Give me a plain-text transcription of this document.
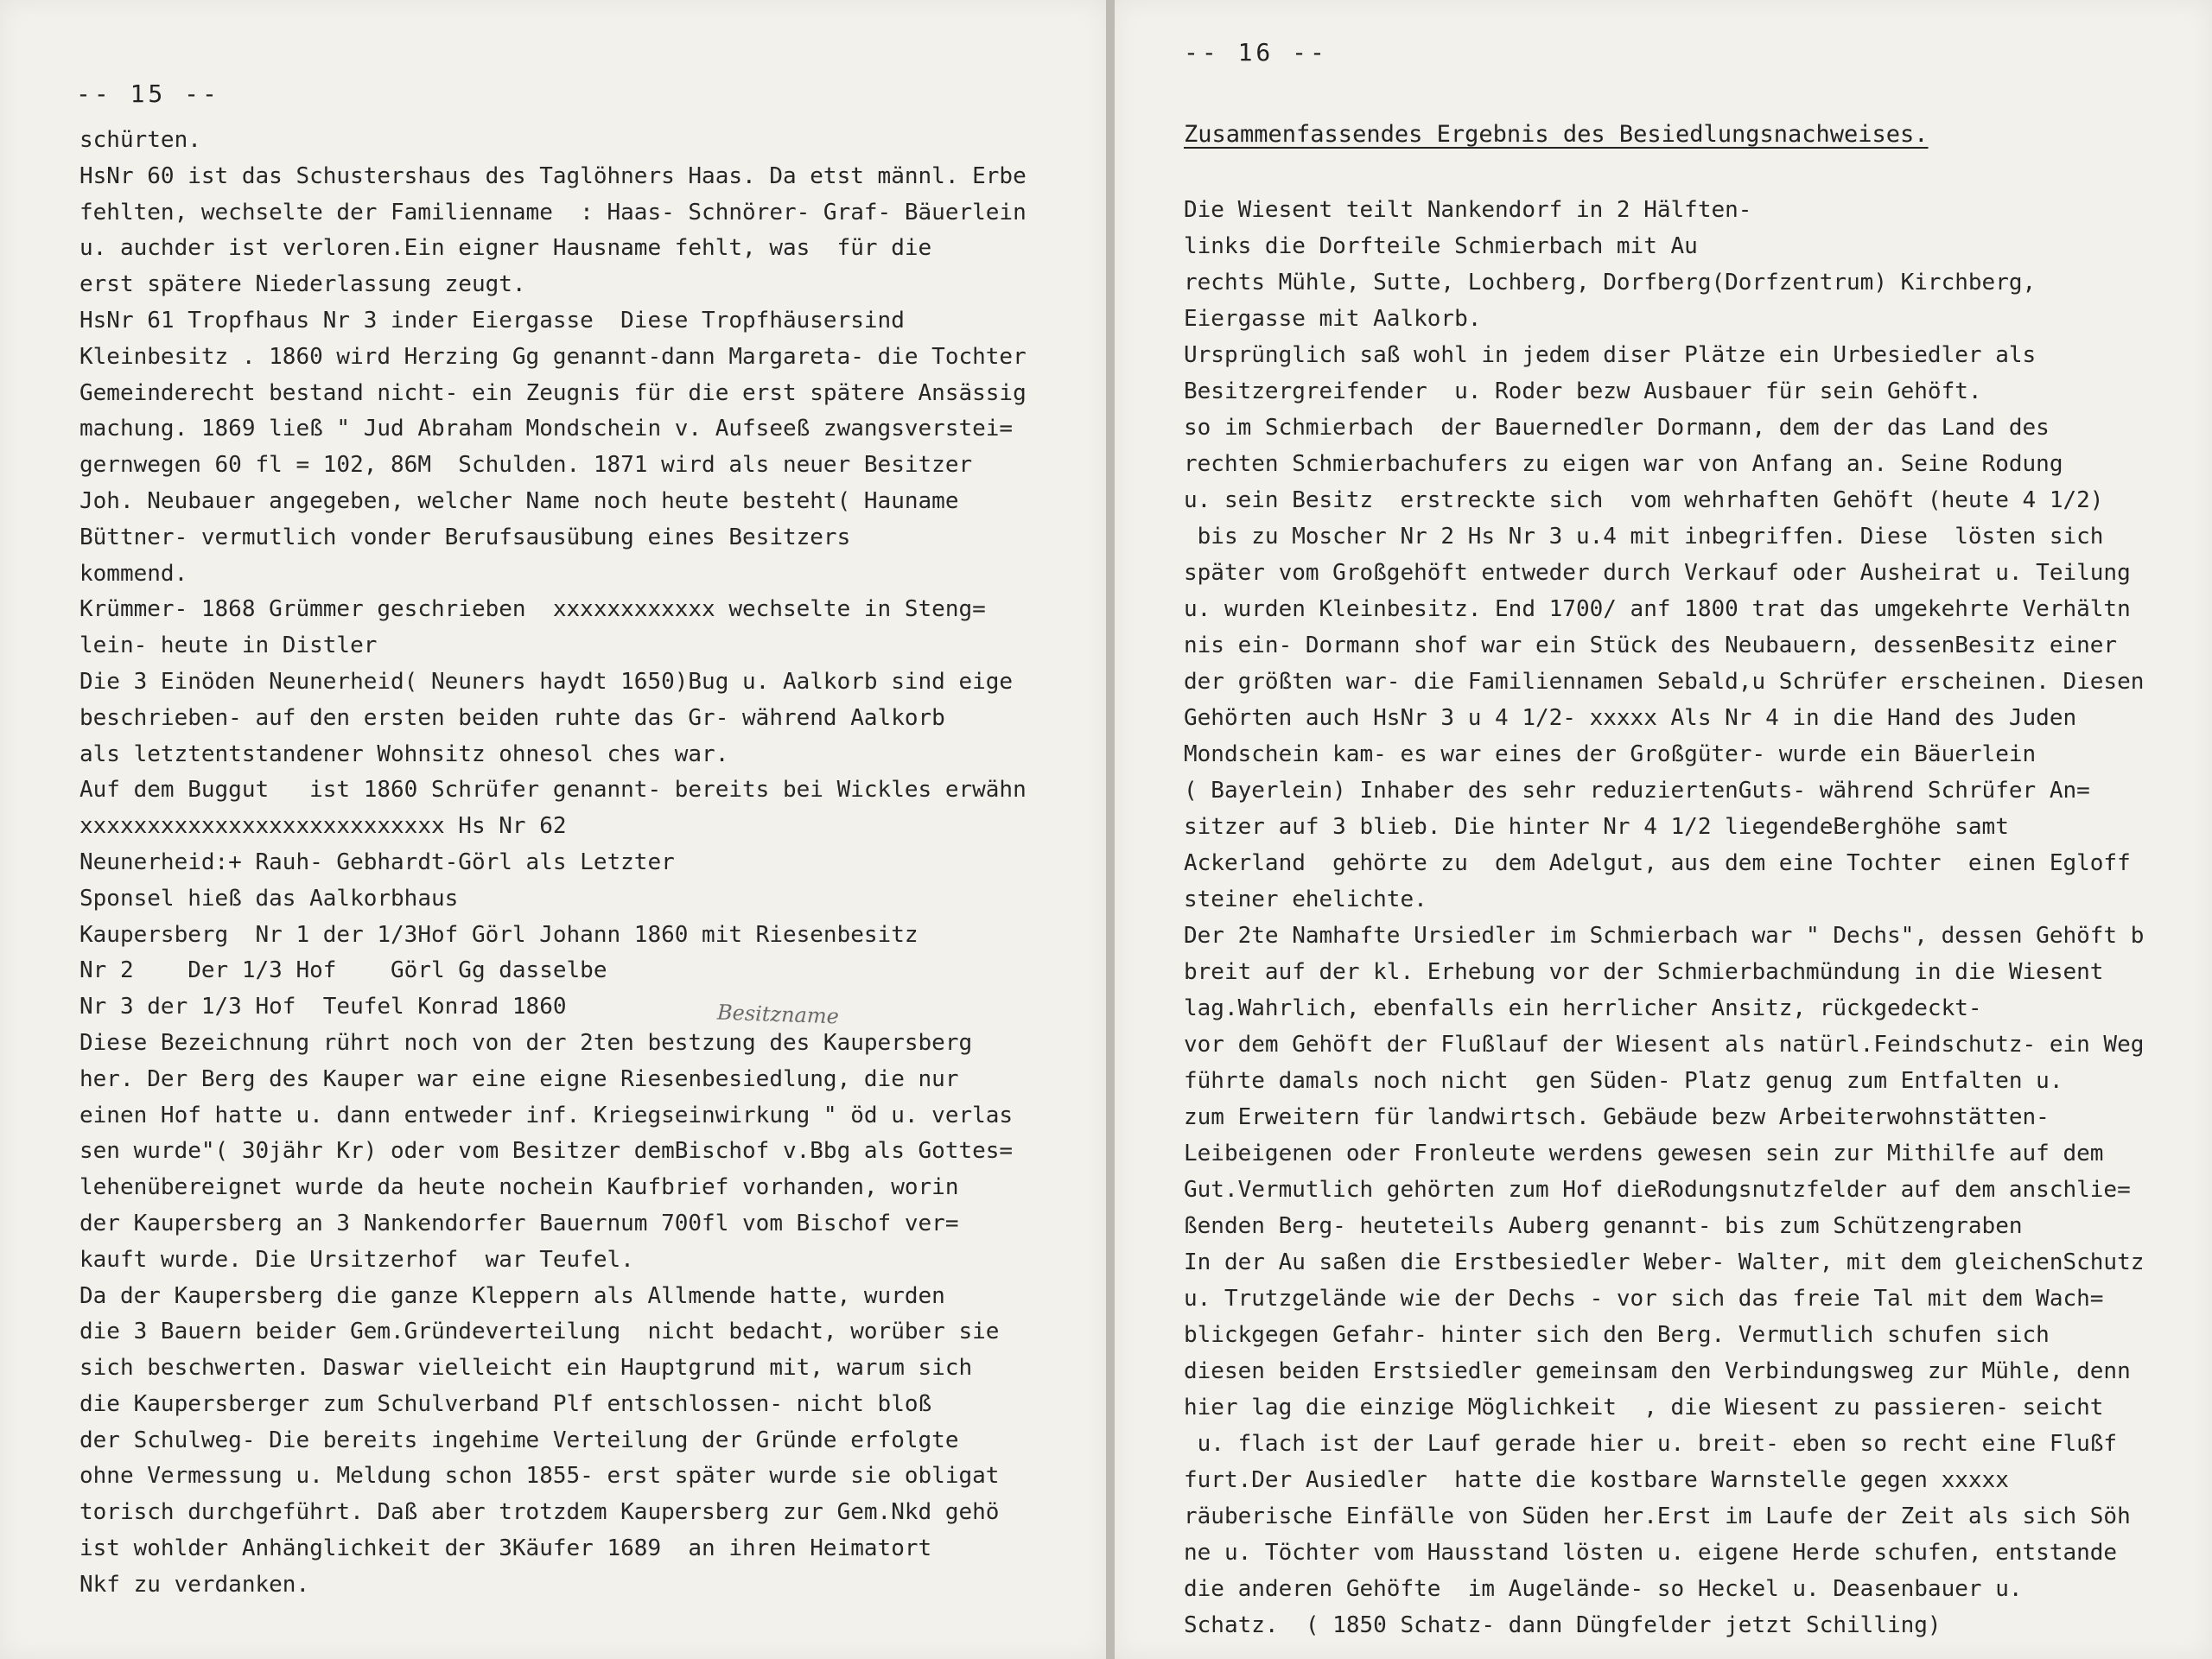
-- 15 --
schürten.
HsNr 60 ist das Schustershaus des Taglöhners Haas. Da etst männl. Erbe
fehlten, wechselte der Familienname  : Haas- Schnörer- Graf- Bäuerlein
u. auchder ist verloren.Ein eigner Hausname fehlt, was  für die
erst spätere Niederlassung zeugt.
HsNr 61 Tropfhaus Nr 3 inder Eiergasse  Diese Tropfhäusersind
Kleinbesitz . 1860 wird Herzing Gg genannt-dann Margareta- die Tochter
Gemeinderecht bestand nicht- ein Zeugnis für die erst spätere Ansässig
machung. 1869 ließ " Jud Abraham Mondschein v. Aufseeß zwangsverstei=
gernwegen 60 fl = 102, 86M  Schulden. 1871 wird als neuer Besitzer
Joh. Neubauer angegeben, welcher Name noch heute besteht( Hauname
Büttner- vermutlich vonder Berufsausübung eines Besitzers
kommend.
Krümmer- 1868 Grümmer geschrieben  xxxxxxxxxxxx wechselte in Steng=
lein- heute in Distler
Die 3 Einöden Neunerheid( Neuners haydt 1650)Bug u. Aalkorb sind eige
beschrieben- auf den ersten beiden ruhte das Gr- während Aalkorb
als letztentstandener Wohnsitz ohnesol ches war.
Auf dem Buggut   ist 1860 Schrüfer genannt- bereits bei Wickles erwähn
xxxxxxxxxxxxxxxxxxxxxxxxxxx Hs Nr 62
Neunerheid:+ Rauh- Gebhardt-Görl als Letzter
Sponsel hieß das Aalkorbhaus
Kaupersberg  Nr 1 der 1/3Hof Görl Johann 1860 mit Riesenbesitz
Nr 2    Der 1/3 Hof    Görl Gg dasselbe
Nr 3 der 1/3 Hof  Teufel Konrad 1860
Diese Bezeichnung rührt noch von der 2ten bestzung des Kaupersberg
her. Der Berg des Kauper war eine eigne Riesenbesiedlung, die nur
einen Hof hatte u. dann entweder inf. Kriegseinwirkung " öd u. verlas
sen wurde"( 30jähr Kr) oder vom Besitzer demBischof v.Bbg als Gottes=
lehenübereignet wurde da heute nochein Kaufbrief vorhanden, worin
der Kaupersberg an 3 Nankendorfer Bauernum 700fl vom Bischof ver=
kauft wurde. Die Ursitzerhof  war Teufel.
Da der Kaupersberg die ganze Kleppern als Allmende hatte, wurden
die 3 Bauern beider Gem.Gründeverteilung  nicht bedacht, worüber sie
sich beschwerten. Daswar vielleicht ein Hauptgrund mit, warum sich
die Kaupersberger zum Schulverband Plf entschlossen- nicht bloß
der Schulweg- Die bereits ingehime Verteilung der Gründe erfolgte
ohne Vermessung u. Meldung schon 1855- erst später wurde sie obligat
torisch durchgeführt. Daß aber trotzdem Kaupersberg zur Gem.Nkd gehö
ist wohlder Anhänglichkeit der 3Käufer 1689  an ihren Heimatort
Nkf zu verdanken.
Besitzname
-- 16 --
Zusammenfassendes Ergebnis des Besiedlungsnachweises.
Die Wiesent teilt Nankendorf in 2 Hälften-
links die Dorfteile Schmierbach mit Au
rechts Mühle, Sutte, Lochberg, Dorfberg(Dorfzentrum) Kirchberg,
Eiergasse mit Aalkorb.
Ursprünglich saß wohl in jedem diser Plätze ein Urbesiedler als
Besitzergreifender  u. Roder bezw Ausbauer für sein Gehöft.
so im Schmierbach  der Bauernedler Dormann, dem der das Land des
rechten Schmierbachufers zu eigen war von Anfang an. Seine Rodung
u. sein Besitz  erstreckte sich  vom wehrhaften Gehöft (heute 4 1/2)
bis zu Moscher Nr 2 Hs Nr 3 u.4 mit inbegriffen. Diese  lösten sich
später vom Großgehöft entweder durch Verkauf oder Ausheirat u. Teilung
u. wurden Kleinbesitz. End 1700/ anf 1800 trat das umgekehrte Verhältn
nis ein- Dormann shof war ein Stück des Neubauern, dessenBesitz einer
der größten war- die Familiennamen Sebald,u Schrüfer erscheinen. Diesen
Gehörten auch HsNr 3 u 4 1/2- xxxxx Als Nr 4 in die Hand des Juden
Mondschein kam- es war eines der Großgüter- wurde ein Bäuerlein
( Bayerlein) Inhaber des sehr reduziertenGuts- während Schrüfer An=
sitzer auf 3 blieb. Die hinter Nr 4 1/2 liegendeBerghöhe samt
Ackerland  gehörte zu  dem Adelgut, aus dem eine Tochter  einen Egloff
steiner ehelichte.
Der 2te Namhafte Ursiedler im Schmierbach war " Dechs", dessen Gehöft b
breit auf der kl. Erhebung vor der Schmierbachmündung in die Wiesent
lag.Wahrlich, ebenfalls ein herrlicher Ansitz, rückgedeckt-
vor dem Gehöft der Flußlauf der Wiesent als natürl.Feindschutz- ein Weg
führte damals noch nicht  gen Süden- Platz genug zum Entfalten u.
zum Erweitern für landwirtsch. Gebäude bezw Arbeiterwohnstätten-
Leibeigenen oder Fronleute werdens gewesen sein zur Mithilfe auf dem
Gut.Vermutlich gehörten zum Hof dieRodungsnutzfelder auf dem anschlie=
ßenden Berg- heuteteils Auberg genannt- bis zum Schützengraben
In der Au saßen die Erstbesiedler Weber- Walter, mit dem gleichenSchutz
u. Trutzgelände wie der Dechs - vor sich das freie Tal mit dem Wach=
blickgegen Gefahr- hinter sich den Berg. Vermutlich schufen sich
diesen beiden Erstsiedler gemeinsam den Verbindungsweg zur Mühle, denn
hier lag die einzige Möglichkeit  , die Wiesent zu passieren- seicht
u. flach ist der Lauf gerade hier u. breit- eben so recht eine Flußf
furt.Der Ausiedler  hatte die kostbare Warnstelle gegen xxxxx
räuberische Einfälle von Süden her.Erst im Laufe der Zeit als sich Söh
ne u. Töchter vom Hausstand lösten u. eigene Herde schufen, entstande
die anderen Gehöfte  im Augelände- so Heckel u. Deasenbauer u.
Schatz.  ( 1850 Schatz- dann Düngfelder jetzt Schilling)
